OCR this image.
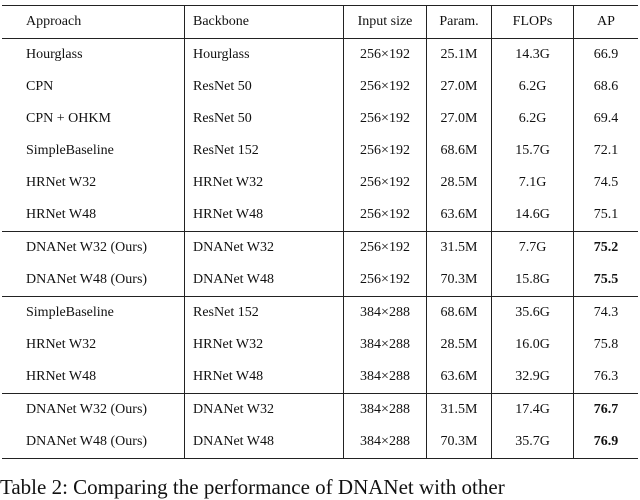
Approach	Backbone	Input size	Param.	FLOPs	AP
Hourglass	Hourglass	256×192	25.1M	14.3G	66.9
CPN	ResNet 50	256×192	27.0M	6.2G	68.6
CPN + OHKM	ResNet 50	256×192	27.0M	6.2G	69.4
SimpleBaseline	ResNet 152	256×192	68.6M	15.7G	72.1
HRNet W32	HRNet W32	256×192	28.5M	7.1G	74.5
HRNet W48	HRNet W48	256×192	63.6M	14.6G	75.1
DNANet W32 (Ours)	DNANet W32	256×192	31.5M	7.7G	75.2
DNANet W48 (Ours)	DNANet W48	256×192	70.3M	15.8G	75.5
SimpleBaseline	ResNet 152	384×288	68.6M	35.6G	74.3
HRNet W32	HRNet W32	384×288	28.5M	16.0G	75.8
HRNet W48	HRNet W48	384×288	63.6M	32.9G	76.3
DNANet W32 (Ours)	DNANet W32	384×288	31.5M	17.4G	76.7
DNANet W48 (Ours)	DNANet W48	384×288	70.3M	35.7G	76.9
Table 2: Comparing the performance of DNANet with other
